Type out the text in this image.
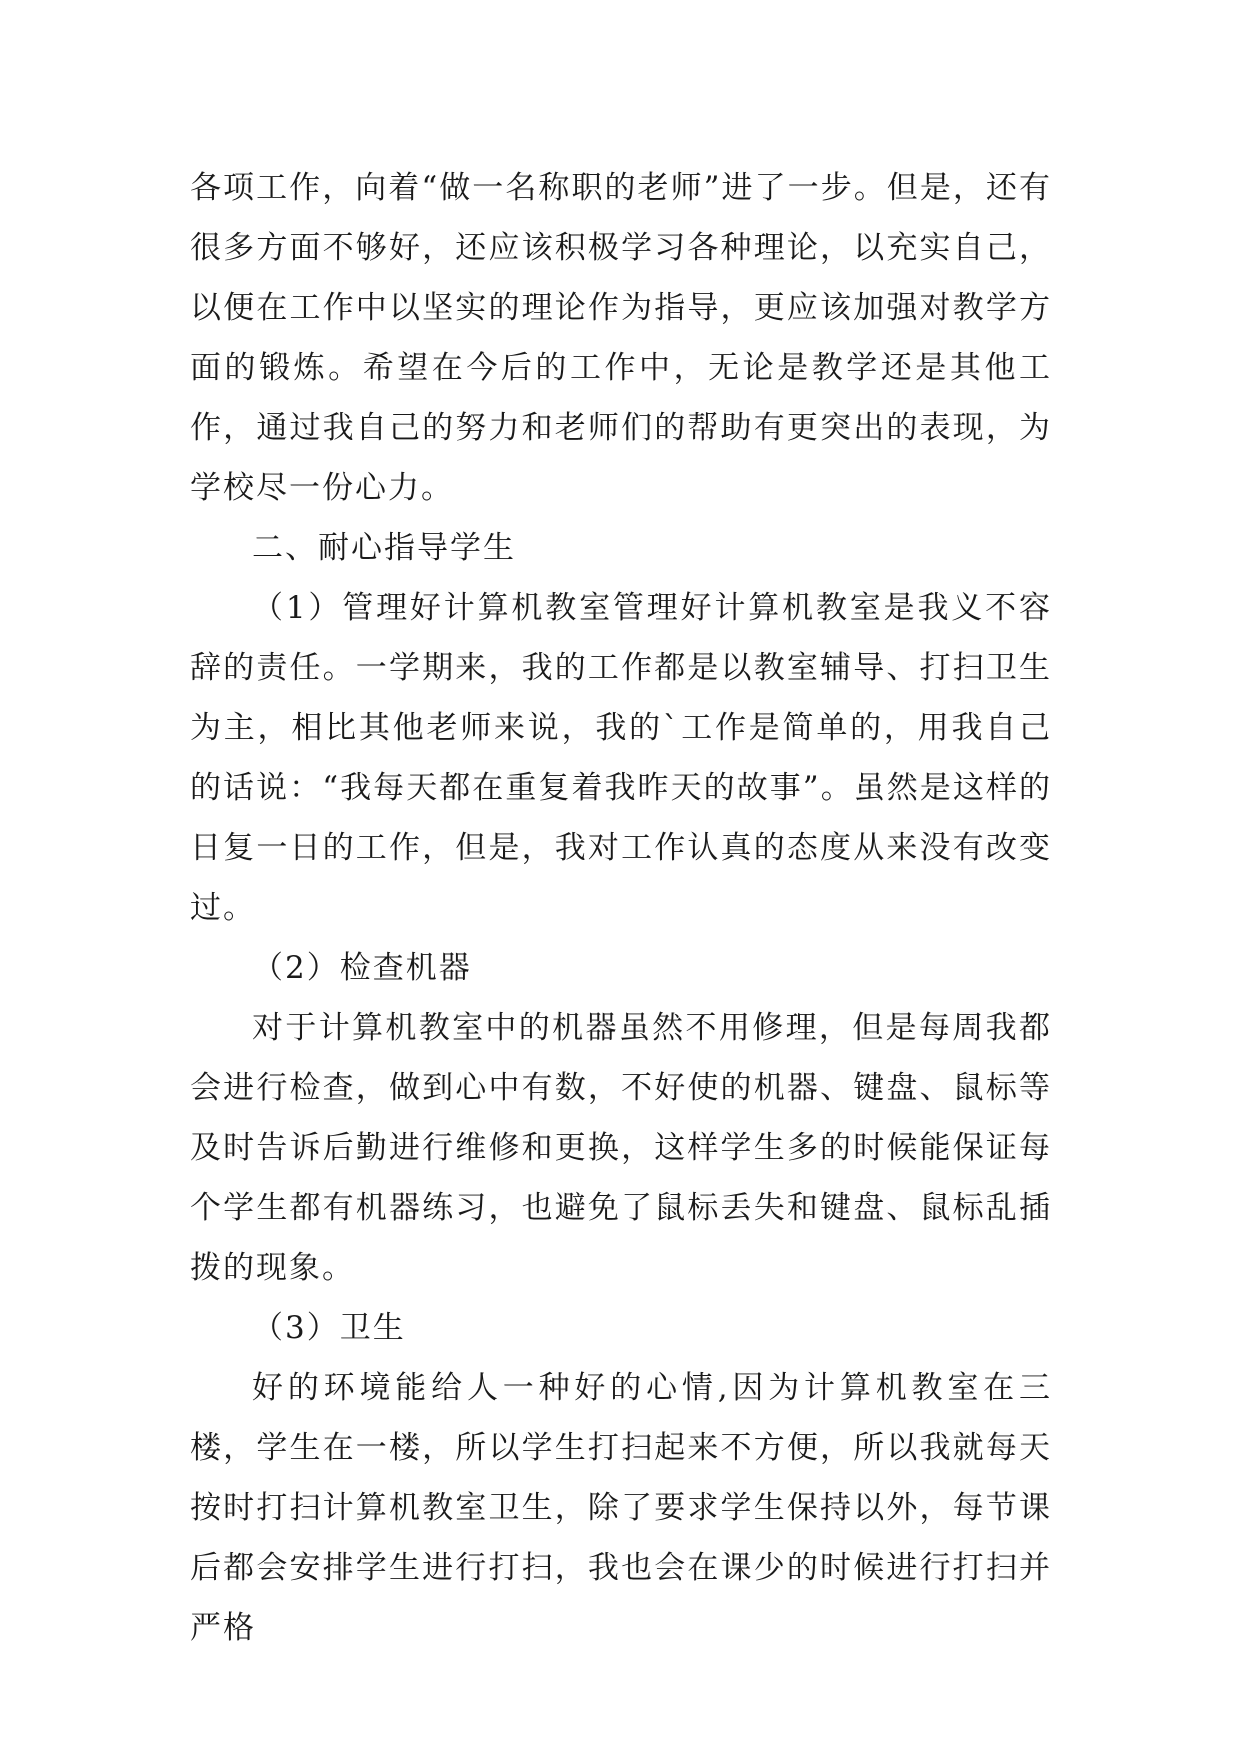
各项工作，向着“做一名称职的老师”进了一步。但是，还有很多方面不够好，还应该积极学习各种理论，以充实自己，以便在工作中以坚实的理论作为指导，更应该加强对教学方面的锻炼。希望在今后的工作中，无论是教学还是其他工作，通过我自己的努力和老师们的帮助有更突出的表现，为学校尽一份心力。

二、耐心指导学生

（1）管理好计算机教室管理好计算机教室是我义不容辞的责任。一学期来，我的工作都是以教室辅导、打扫卫生为主，相比其他老师来说，我的`工作是简单的，用我自己的话说：“我每天都在重复着我昨天的故事”。虽然是这样的日复一日的工作，但是，我对工作认真的态度从来没有改变过。

（2）检查机器

对于计算机教室中的机器虽然不用修理，但是每周我都会进行检查，做到心中有数，不好使的机器、键盘、鼠标等及时告诉后勤进行维修和更换，这样学生多的时候能保证每个学生都有机器练习，也避免了鼠标丢失和键盘、鼠标乱插拨的现象。

（3）卫生

好的环境能给人一种好的心情,因为计算机教室在三楼，学生在一楼，所以学生打扫起来不方便，所以我就每天按时打扫计算机教室卫生，除了要求学生保持以外，每节课后都会安排学生进行打扫，我也会在课少的时候进行打扫并严格
